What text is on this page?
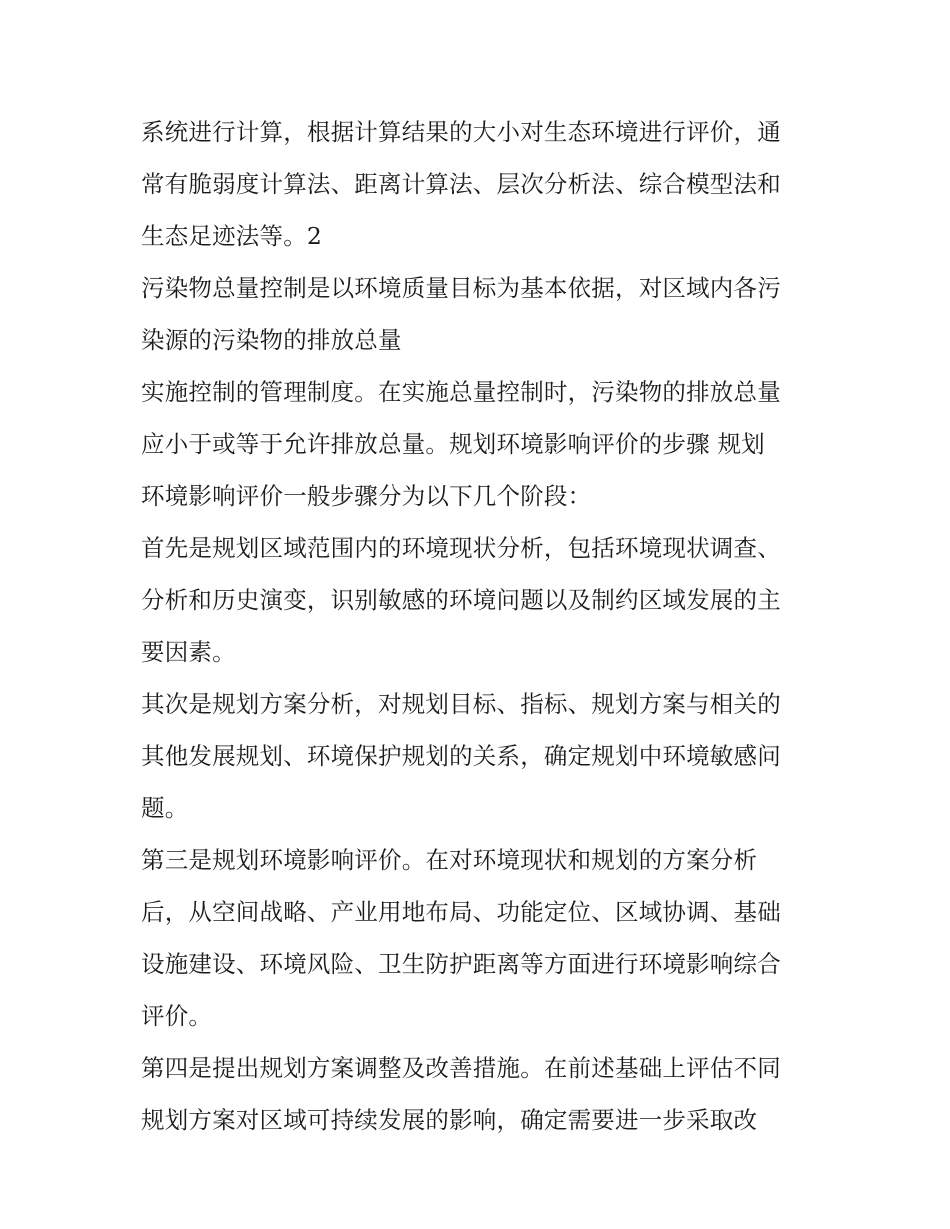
系统进行计算，根据计算结果的大小对生态环境进行评价，通
常有脆弱度计算法、距离计算法、层次分析法、综合模型法和
生态足迹法等。2
污染物总量控制是以环境质量目标为基本依据，对区域内各污
染源的污染物的排放总量
实施控制的管理制度。在实施总量控制时，污染物的排放总量
应小于或等于允许排放总量。规划环境影响评价的步骤 规划
环境影响评价一般步骤分为以下几个阶段：
首先是规划区域范围内的环境现状分析，包括环境现状调查、
分析和历史演变，识别敏感的环境问题以及制约区域发展的主
要因素。
其次是规划方案分析，对规划目标、指标、规划方案与相关的
其他发展规划、环境保护规划的关系，确定规划中环境敏感问
题。
第三是规划环境影响评价。在对环境现状和规划的方案分析
后，从空间战略、产业用地布局、功能定位、区域协调、基础
设施建设、环境风险、卫生防护距离等方面进行环境影响综合
评价。
第四是提出规划方案调整及改善措施。在前述基础上评估不同
规划方案对区域可持续发展的影响，确定需要进一步采取改
